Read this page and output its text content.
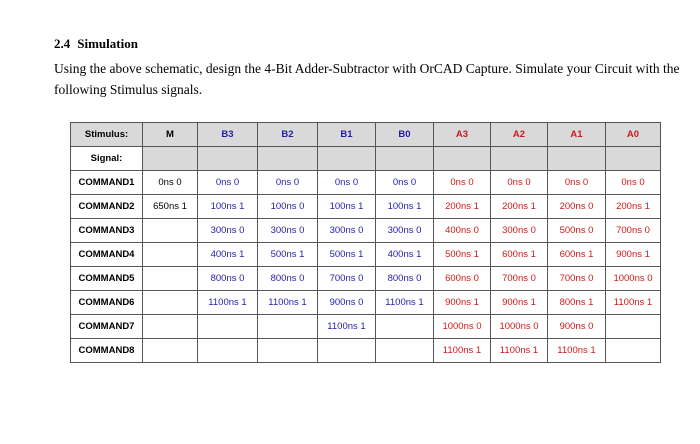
2.4 Simulation
Using the above schematic, design the 4-Bit Adder-Subtractor with OrCAD Capture. Simulate your Circuit with the following Stimulus signals.
Stimulus:	M	B3	B2	B1	B0	A3	A2	A1	A0
Signal:									
COMMAND1	0ns 0	0ns 0	0ns 0	0ns 0	0ns 0	0ns 0	0ns 0	0ns 0	0ns 0
COMMAND2	650ns 1	100ns 1	100ns 0	100ns 1	100ns 1	200ns 1	200ns 1	200ns 0	200ns 1
COMMAND3		300ns 0	300ns 0	300ns 0	300ns 0	400ns 0	300ns 0	500ns 0	700ns 0
COMMAND4		400ns 1	500ns 1	500ns 1	400ns 1	500ns 1	600ns 1	600ns 1	900ns 1
COMMAND5		800ns 0	800ns 0	700ns 0	800ns 0	600ns 0	700ns 0	700ns 0	1000ns 0
COMMAND6		1100ns 1	1100ns 1	900ns 0	1100ns 1	900ns 1	900ns 1	800ns 1	1100ns 1
COMMAND7				1100ns 1		1000ns 0	1000ns 0	900ns 0	
COMMAND8						1100ns 1	1100ns 1	1100ns 1	
